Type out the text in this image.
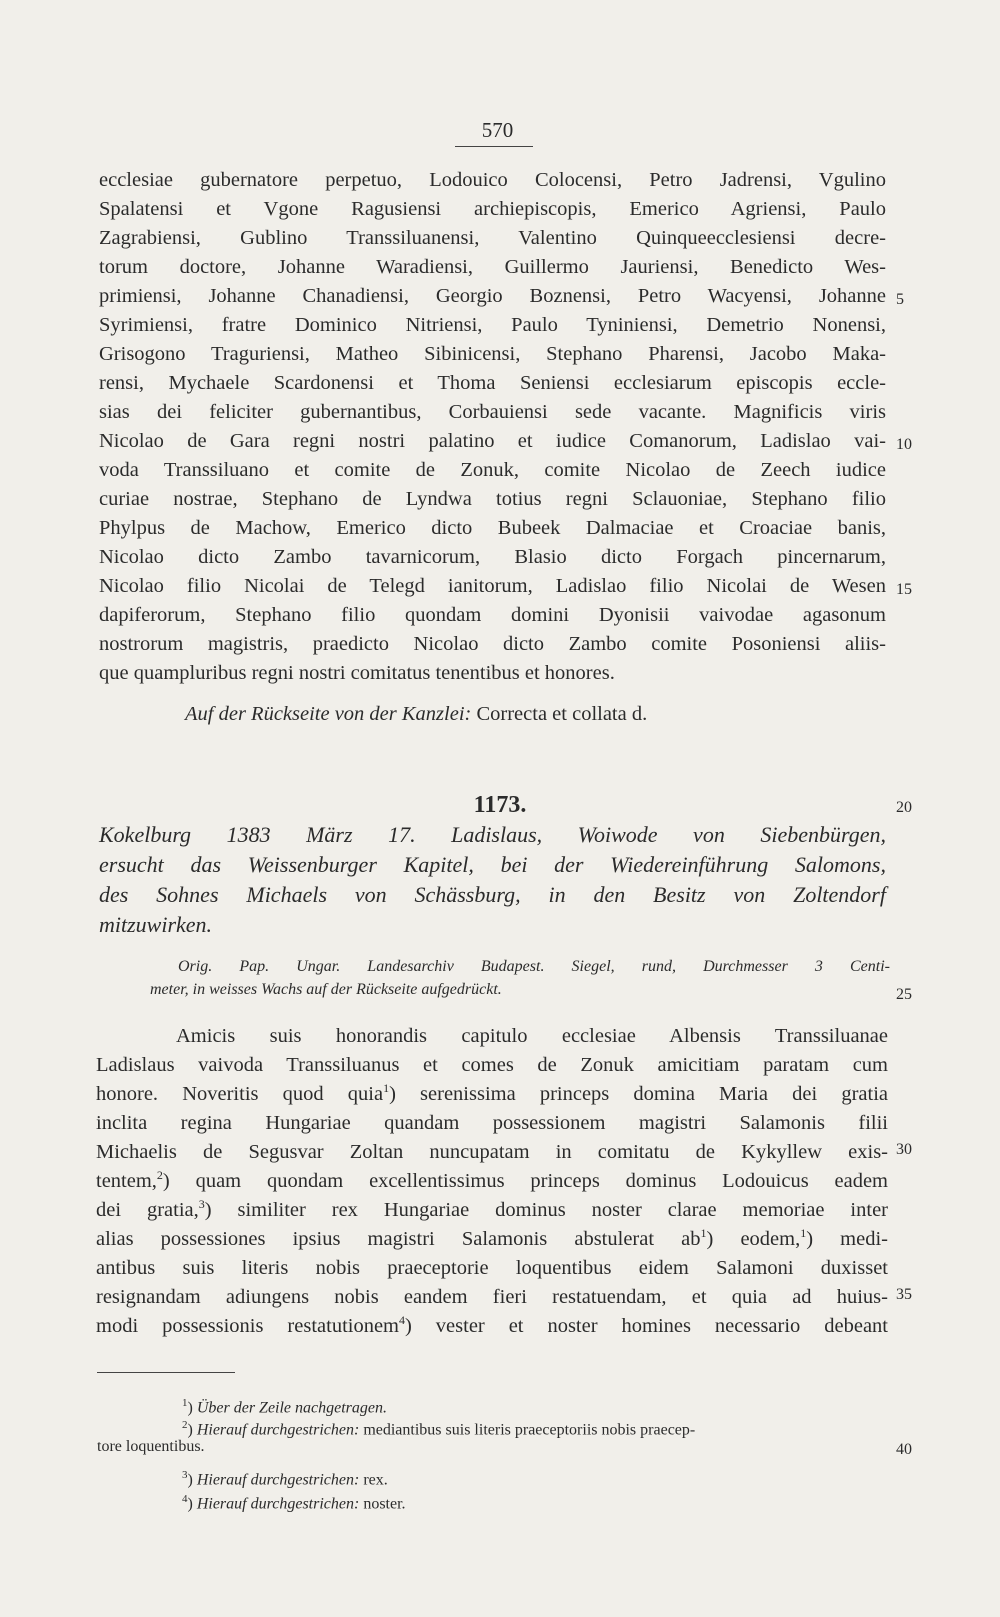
570
ecclesiae gubernatore perpetuo, Lodouico Colocensi, Petro Jadrensi, Vgulino
Spalatensi et Vgone Ragusiensi archiepiscopis, Emerico Agriensi, Paulo
Zagrabiensi, Gublino Transsiluanensi, Valentino Quinqueecclesiensi decre-
torum doctore, Johanne Waradiensi, Guillermo Jauriensi, Benedicto Wes-
primiensi, Johanne Chanadiensi, Georgio Boznensi, Petro Wacyensi, Johanne
Syrimiensi, fratre Dominico Nitriensi, Paulo Tyniniensi, Demetrio Nonensi,
Grisogono Traguriensi, Matheo Sibinicensi, Stephano Pharensi, Jacobo Maka-
rensi, Mychaele Scardonensi et Thoma Seniensi ecclesiarum episcopis eccle-
sias dei feliciter gubernantibus, Corbauiensi sede vacante. Magnificis viris
Nicolao de Gara regni nostri palatino et iudice Comanorum, Ladislao vai-
voda Transsiluano et comite de Zonuk, comite Nicolao de Zeech iudice
curiae nostrae, Stephano de Lyndwa totius regni Sclauoniae, Stephano filio
Phylpus de Machow, Emerico dicto Bubeek Dalmaciae et Croaciae banis,
Nicolao dicto Zambo tavarnicorum, Blasio dicto Forgach pincernarum,
Nicolao filio Nicolai de Telegd ianitorum, Ladislao filio Nicolai de Wesen
dapiferorum, Stephano filio quondam domini Dyonisii vaivodae agasonum
nostrorum magistris, praedicto Nicolao dicto Zambo comite Posoniensi aliis-
que quampluribus regni nostri comitatus tenentibus et honores.
Auf der Rückseite von der Kanzlei: Correcta et collata d.
1173.
Kokelburg 1383 März 17. Ladislaus, Woiwode von Siebenbürgen,
ersucht das Weissenburger Kapitel, bei der Wiedereinführung Salomons,
des Sohnes Michaels von Schässburg, in den Besitz von Zoltendorf
mitzuwirken.
Orig. Pap. Ungar. Landesarchiv Budapest. Siegel, rund, Durchmesser 3 Centi-
meter, in weisses Wachs auf der Rückseite aufgedrückt.
Amicis suis honorandis capitulo ecclesiae Albensis Transsiluanae
Ladislaus vaivoda Transsiluanus et comes de Zonuk amicitiam paratam cum
honore. Noveritis quod quia$^1$) serenissima princeps domina Maria dei gratia
inclita regina Hungariae quandam possessionem magistri Salamonis filii
Michaelis de Segusvar Zoltan nuncupatam in comitatu de Kykyllew exis-
tentem,$^2$) quam quondam excellentissimus princeps dominus Lodouicus eadem
dei gratia,$^3$) similiter rex Hungariae dominus noster clarae memoriae inter
alias possessiones ipsius magistri Salamonis abstulerat $ab^1$) eodem,$^1$) medi-
antibus suis literis nobis praeceptorie loquentibus eidem Salamoni duxisset
resignandam adiungens nobis eandem fieri restatuendam, et quia ad huius-
modi possessionis restatutionem$^4$) vester et noster homines necessario debeant
5
10
15
20
25
30
35
40
$^1$) Über der Zeile nachgetragen.
$^2$) Hierauf durchgestrichen: mediantibus suis literis praeceptoriis nobis praecep-
tore loquentibus.
$^3$) Hierauf durchgestrichen: rex.
$^4$) Hierauf durchgestrichen: noster.
